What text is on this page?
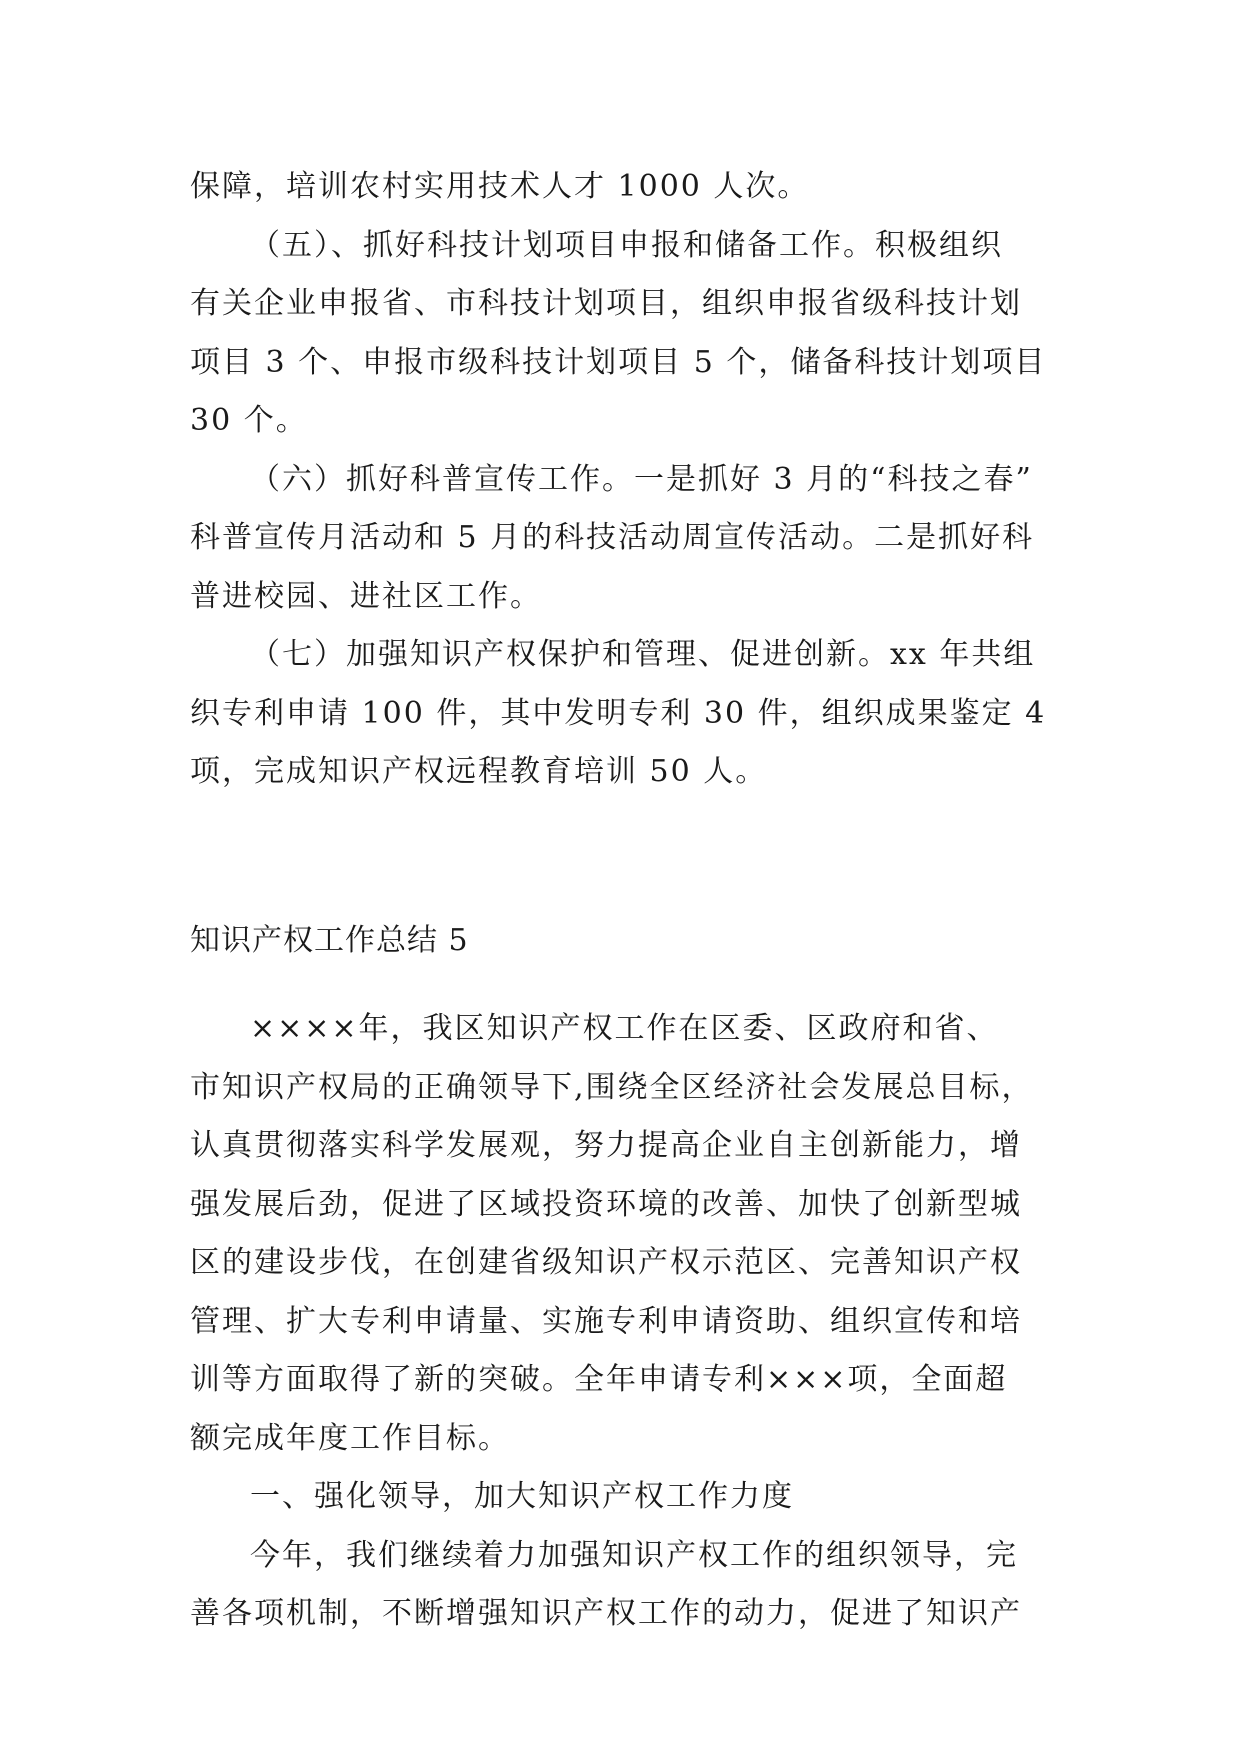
保障，培训农村实用技术人才 1000 人次。

（五）、抓好科技计划项目申报和储备工作。积极组织

有关企业申报省、市科技计划项目，组织申报省级科技计划

项目 3 个、申报市级科技计划项目 5 个，储备科技计划项目

30 个。

（六）抓好科普宣传工作。一是抓好 3 月的“科技之春”

科普宣传月活动和 5 月的科技活动周宣传活动。二是抓好科

普进校园、进社区工作。

（七）加强知识产权保护和管理、促进创新。xx 年共组

织专利申请 100 件，其中发明专利 30 件，组织成果鉴定 4

项，完成知识产权远程教育培训 50 人。

知识产权工作总结 5

××××年，我区知识产权工作在区委、区政府和省、

市知识产权局的正确领导下,围绕全区经济社会发展总目标，

认真贯彻落实科学发展观，努力提高企业自主创新能力，增

强发展后劲，促进了区域投资环境的改善、加快了创新型城

区的建设步伐，在创建省级知识产权示范区、完善知识产权

管理、扩大专利申请量、实施专利申请资助、组织宣传和培

训等方面取得了新的突破。全年申请专利×××项，全面超

额完成年度工作目标。

一、强化领导，加大知识产权工作力度

今年，我们继续着力加强知识产权工作的组织领导，完

善各项机制，不断增强知识产权工作的动力，促进了知识产
